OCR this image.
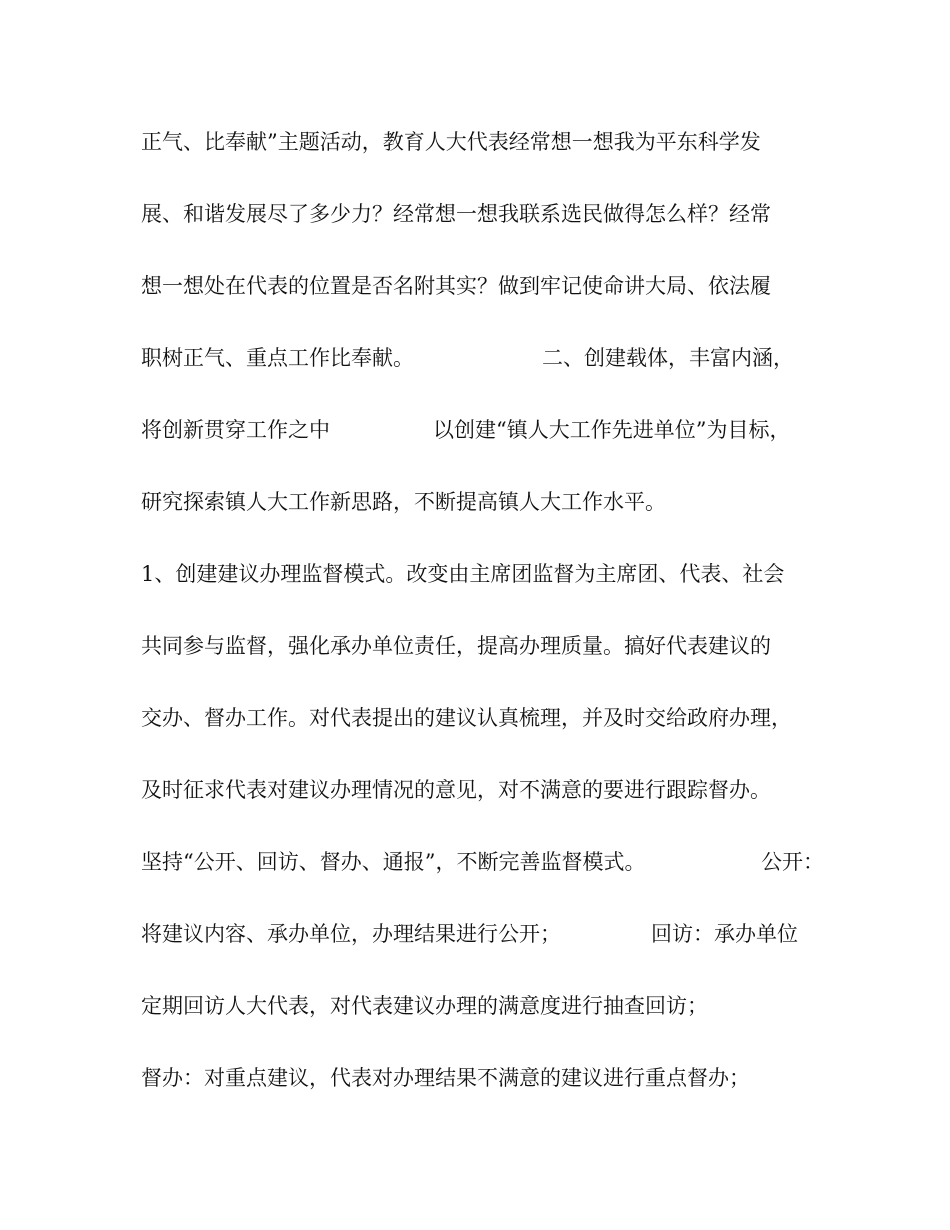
正气、比奉献”主题活动，教育人大代表经常想一想我为平东科学发
展、和谐发展尽了多少力？经常想一想我联系选民做得怎么样？经常
想一想处在代表的位置是否名附其实？做到牢记使命讲大局、依法履
职树正气、重点工作比奉献。	二、创建载体，丰富内涵，
将创新贯穿工作之中	以创建“镇人大工作先进单位”为目标，
研究探索镇人大工作新思路，不断提高镇人大工作水平。
1、创建建议办理监督模式。改变由主席团监督为主席团、代表、社会
共同参与监督，强化承办单位责任，提高办理质量。搞好代表建议的
交办、督办工作。对代表提出的建议认真梳理，并及时交给政府办理，
及时征求代表对建议办理情况的意见，对不满意的要进行跟踪督办。
坚持“公开、回访、督办、通报”，不断完善监督模式。	公开：
将建议内容、承办单位，办理结果进行公开；	回访：承办单位
定期回访人大代表，对代表建议办理的满意度进行抽查回访；
督办：对重点建议，代表对办理结果不满意的建议进行重点督办；
